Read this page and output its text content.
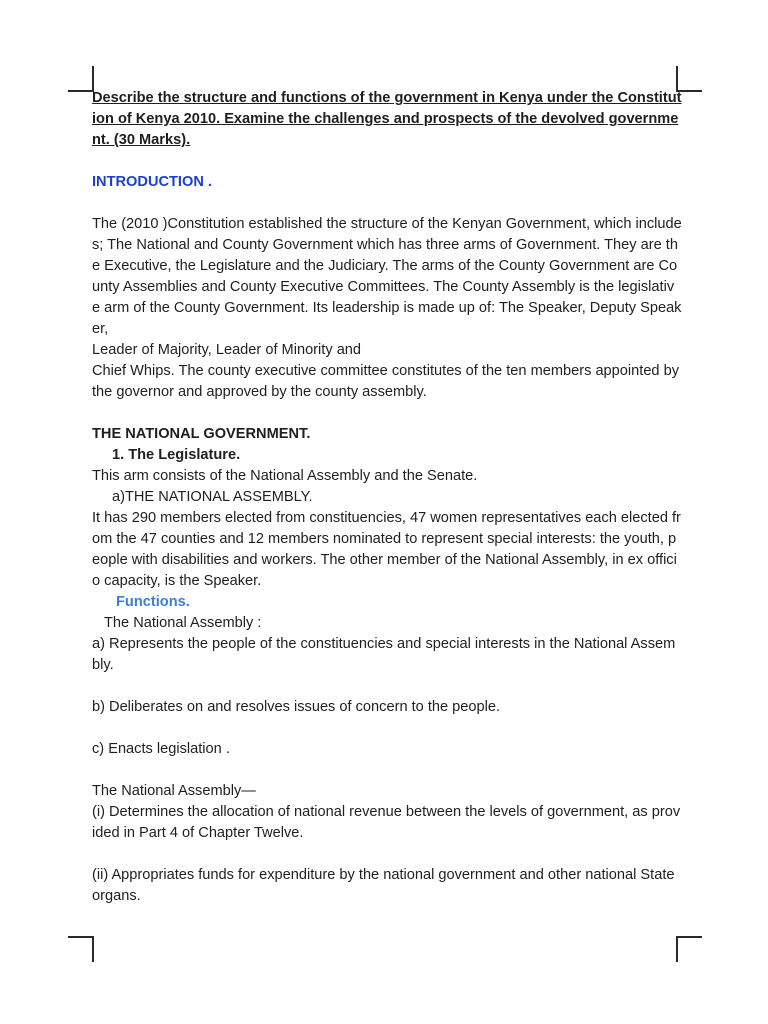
Describe the structure and functions of the government in Kenya under the Constitution of Kenya 2010. Examine the challenges and prospects of the devolved government. (30 Marks).

INTRODUCTION .

The (2010 )Constitution established the structure of the Kenyan Government, which includes; The National and County Government which has three arms of Government. They are the Executive, the Legislature and the Judiciary. The arms of the County Government are County Assemblies and County Executive Committees. The County Assembly is the legislative arm of the County Government. Its leadership is made up of: The Speaker, Deputy Speaker,

Leader of Majority, Leader of Minority and

Chief Whips. The county executive committee constitutes of the ten members appointed by the governor and approved by the county assembly.

THE NATIONAL GOVERNMENT.

1. The Legislature.

This arm consists of the National Assembly and the Senate.

a)THE NATIONAL ASSEMBLY.

It has 290 members elected from constituencies, 47 women representatives each elected from the 47 counties and 12 members nominated to represent special interests: the youth, people with disabilities and workers. The other member of the National Assembly, in ex officio capacity, is the Speaker.

Functions.

The National Assembly :

a) Represents the people of the constituencies and special interests in the National Assembly.

b) Deliberates on and resolves issues of concern to the people.

c) Enacts legislation .

The National Assembly—

(i) Determines the allocation of national revenue between the levels of government, as provided in Part 4 of Chapter Twelve.

(ii) Appropriates funds for expenditure by the national government and other national State organs.
